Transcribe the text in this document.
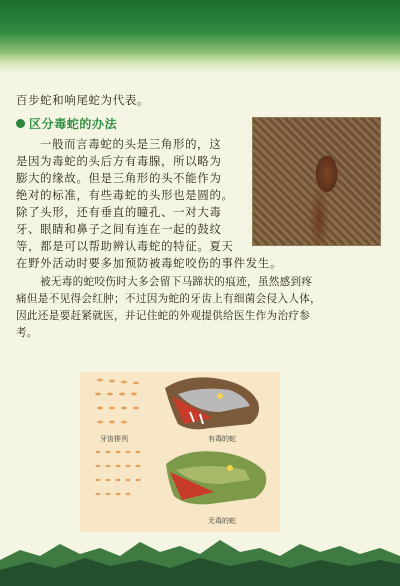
百步蛇和响尾蛇为代表。
区分毒蛇的办法
一般而言毒蛇的头是三角形的，这
是因为毒蛇的头后方有毒腺，所以略为
膨大的缘故。但是三角形的头不能作为
绝对的标准，有些毒蛇的头形也是圆的。
除了头形，还有垂直的瞳孔、一对大毒
牙、眼睛和鼻子之间有连在一起的鼓纹
等，都是可以帮助辨认毒蛇的特征。夏天
在野外活动时要多加预防被毒蛇咬伤的事件发生。
被无毒的蛇咬伤时大多会留下马蹄状的痕迹，虽然感到疼
痛但是不见得会红肿；不过因为蛇的牙齿上有细菌会侵入人体，
因此还是要赶紧就医，并记住蛇的外观提供给医生作为治疗参
考。
牙齿排列	有毒的蛇
无毒的蛇
